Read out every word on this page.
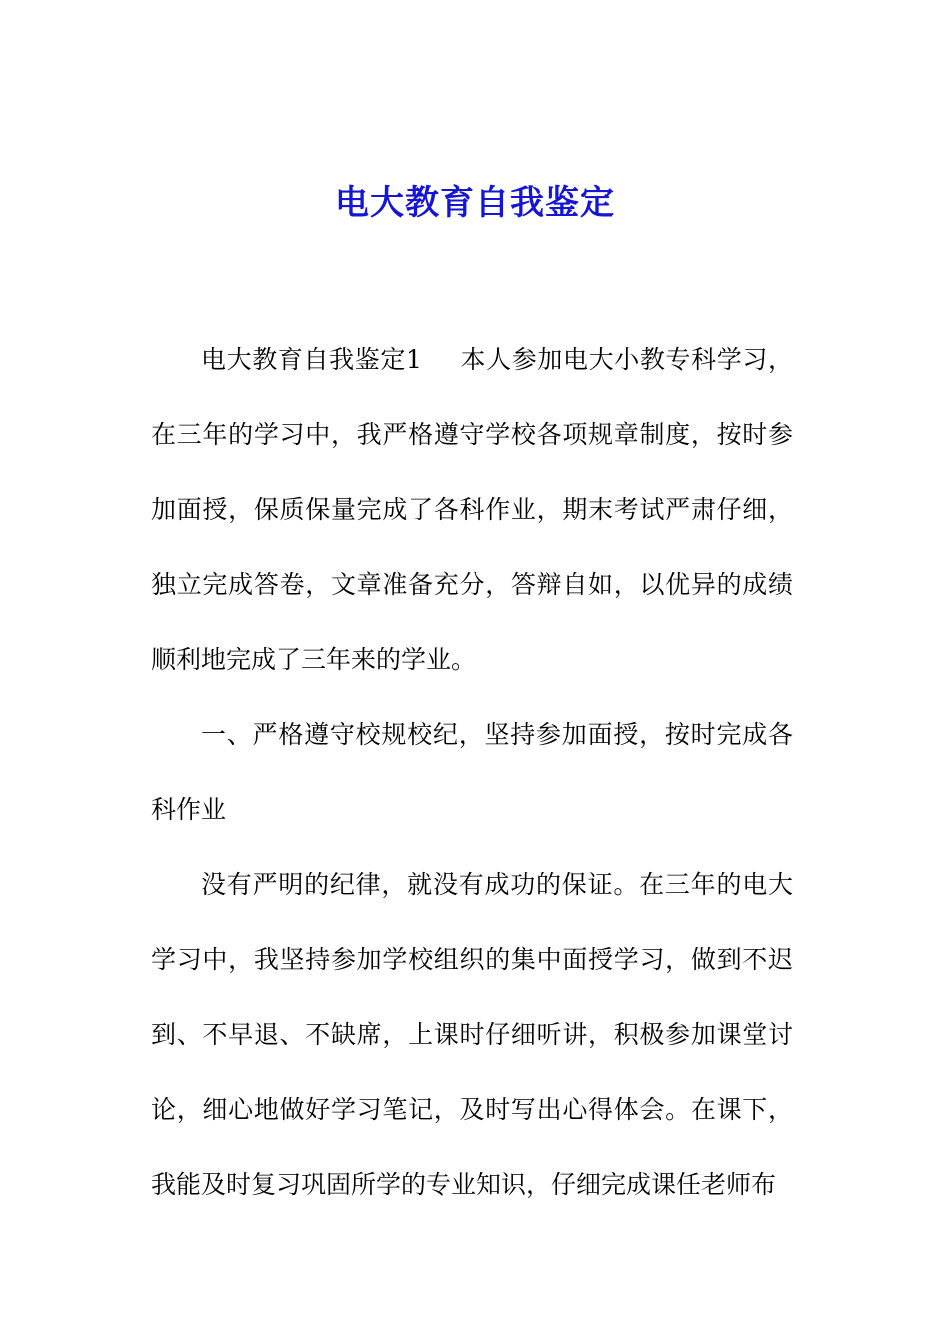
电大教育自我鉴定

电大教育自我鉴定1 本人参加电大小教专科学习，在三年的学习中，我严格遵守学校各项规章制度，按时参加面授，保质保量完成了各科作业，期末考试严肃仔细，独立完成答卷，文章准备充分，答辩自如，以优异的成绩顺利地完成了三年来的学业。

一、严格遵守校规校纪，坚持参加面授，按时完成各科作业

没有严明的纪律，就没有成功的保证。在三年的电大学习中，我坚持参加学校组织的集中面授学习，做到不迟到、不早退、不缺席，上课时仔细听讲，积极参加课堂讨论，细心地做好学习笔记，及时写出心得体会。在课下，我能及时复习巩固所学的专业知识，仔细完成课任老师布
